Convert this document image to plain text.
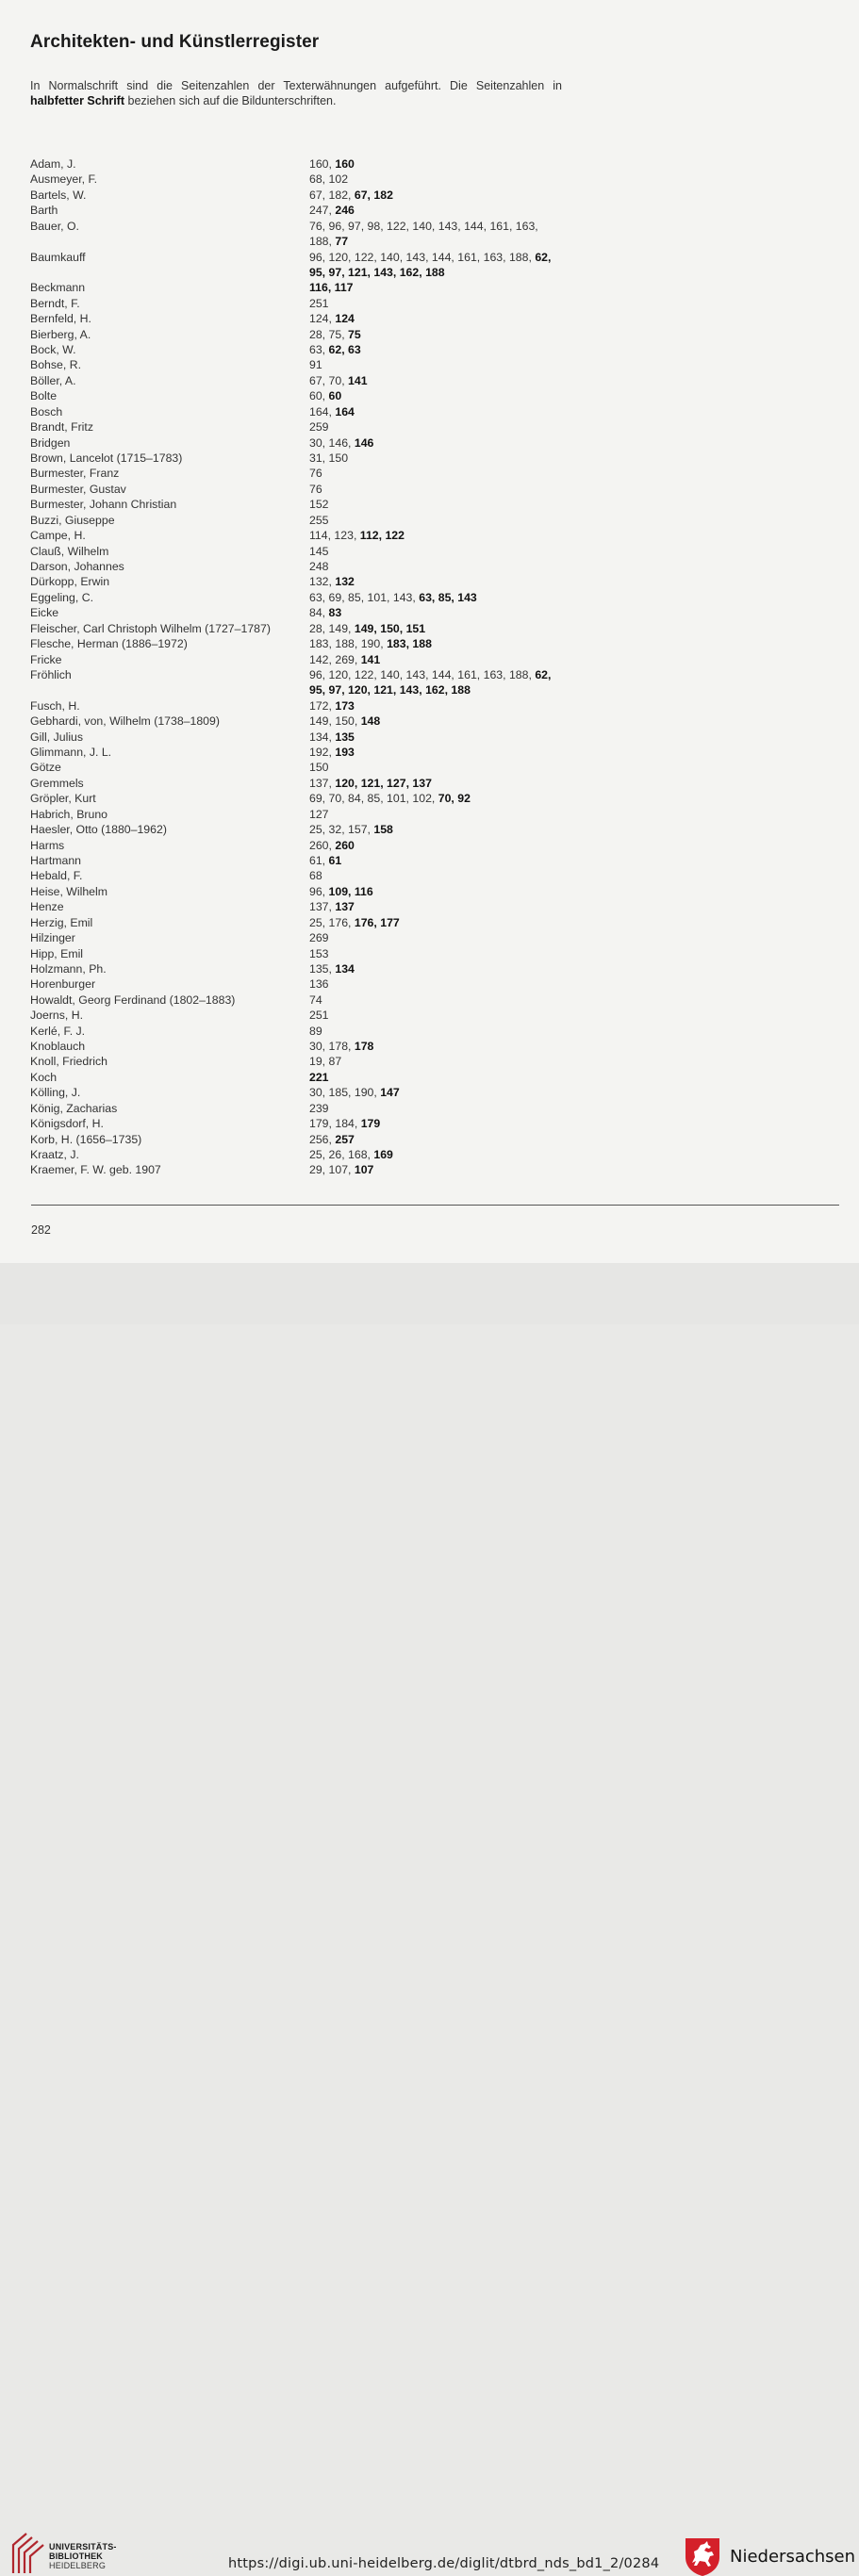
Architekten- und Künstlerregister
In Normalschrift sind die Seitenzahlen der Texterwähnungen aufgeführt. Die Seitenzahlen in halbfetter Schrift beziehen sich auf die Bildunterschriften.
Adam, J.	160, 160
Ausmeyer, F.	68, 102
Bartels, W.	67, 182, 67, 182
Barth	247, 246
Bauer, O.	76, 96, 97, 98, 122, 140, 143, 144, 161, 163, 188, 77
Baumkauff	96, 120, 122, 140, 143, 144, 161, 163, 188, 62, 95, 97, 121, 143, 162, 188
Beckmann	116, 117
Berndt, F.	251
Bernfeld, H.	124, 124
Bierberg, A.	28, 75, 75
Bock, W.	63, 62, 63
Bohse, R.	91
Böller, A.	67, 70, 141
Bolte	60, 60
Bosch	164, 164
Brandt, Fritz	259
Bridgen	30, 146, 146
Brown, Lancelot (1715–1783)	31, 150
Burmester, Franz	76
Burmester, Gustav	76
Burmester, Johann Christian	152
Buzzi, Giuseppe	255
Campe, H.	114, 123, 112, 122
Clauß, Wilhelm	145
Darson, Johannes	248
Dürkopp, Erwin	132, 132
Eggeling, C.	63, 69, 85, 101, 143, 63, 85, 143
Eicke	84, 83
Fleischer, Carl Christoph Wilhelm (1727–1787)	28, 149, 149, 150, 151
Flesche, Herman (1886–1972)	183, 188, 190, 183, 188
Fricke	142, 269, 141
Fröhlich	96, 120, 122, 140, 143, 144, 161, 163, 188, 62, 95, 97, 120, 121, 143, 162, 188
Fusch, H.	172, 173
Gebhardi, von, Wilhelm (1738–1809)	149, 150, 148
Gill, Julius	134, 135
Glimmann, J. L.	192, 193
Götze	150
Gremmels	137, 120, 121, 127, 137
Gröpler, Kurt	69, 70, 84, 85, 101, 102, 70, 92
Habrich, Bruno	127
Haesler, Otto (1880–1962)	25, 32, 157, 158
Harms	260, 260
Hartmann	61, 61
Hebald, F.	68
Heise, Wilhelm	96, 109, 116
Henze	137, 137
Herzig, Emil	25, 176, 176, 177
Hilzinger	269
Hipp, Emil	153
Holzmann, Ph.	135, 134
Horenburger	136
Howaldt, Georg Ferdinand (1802–1883)	74
Joerns, H.	251
Kerlé, F. J.	89
Knoblauch	30, 178, 178
Knoll, Friedrich	19, 87
Koch	221
Kölling, J.	30, 185, 190, 147
König, Zacharias	239
Königsdorf, H.	179, 184, 179
Korb, H. (1656–1735)	256, 257
Kraatz, J.	25, 26, 168, 169
Kraemer, F. W. geb. 1907	29, 107, 107
282
UNIVERSITÄTS-
BIBLIOTHEK
HEIDELBERG	https://digi.ub.uni-heidelberg.de/diglit/dtbrd_nds_bd1_2/0284	Niedersachsen
